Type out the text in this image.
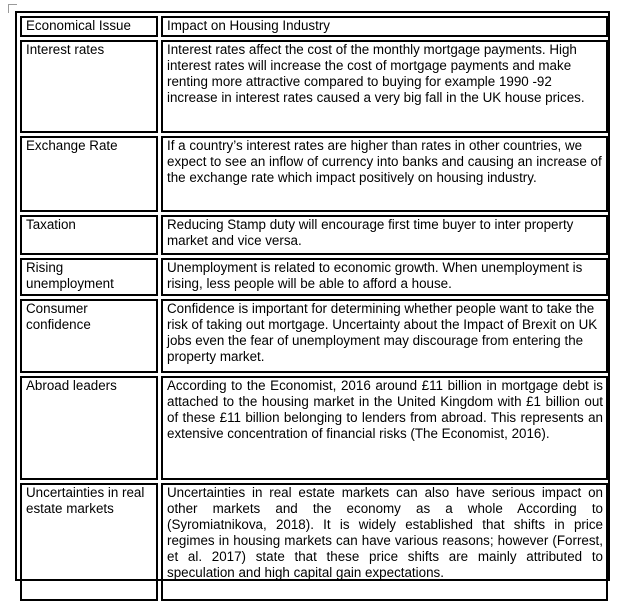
Economical Issue	Impact on Housing Industry
Interest rates	Interest rates affect the cost of the monthly mortgage payments. High interest rates will increase the cost of mortgage payments and make renting more attractive compared to buying for example 1990 -92 increase in interest rates caused a very big fall in the UK house prices.
Exchange Rate	If a country’s interest rates are higher than rates in other countries, we expect to see an inflow of currency into banks and causing an increase of the exchange rate which impact positively on housing industry.
Taxation	Reducing Stamp duty will encourage first time buyer to inter property market and vice versa.
Rising unemployment	Unemployment is related to economic growth. When unemployment is rising, less people will be able to afford a house.
Consumer confidence	Confidence is important for determining whether people want to take the risk of taking out mortgage. Uncertainty about the Impact of Brexit on UK jobs even the fear of unemployment may discourage from entering the property market.
Abroad leaders	According to the Economist, 2016 around £11 billion in mortgage debt is attached to the housing market in the United Kingdom with £1 billion out of these £11 billion belonging to lenders from abroad. This represents an extensive concentration of financial risks (The Economist, 2016).
Uncertainties in real estate markets	Uncertainties in real estate markets can also have serious impact on other markets and the economy as a whole According to (Syromiatnikova, 2018). It is widely established that shifts in price regimes in housing markets can have various reasons; however (Forrest, et al. 2017) state that these price shifts are mainly attributed to speculation and high capital gain expectations.
